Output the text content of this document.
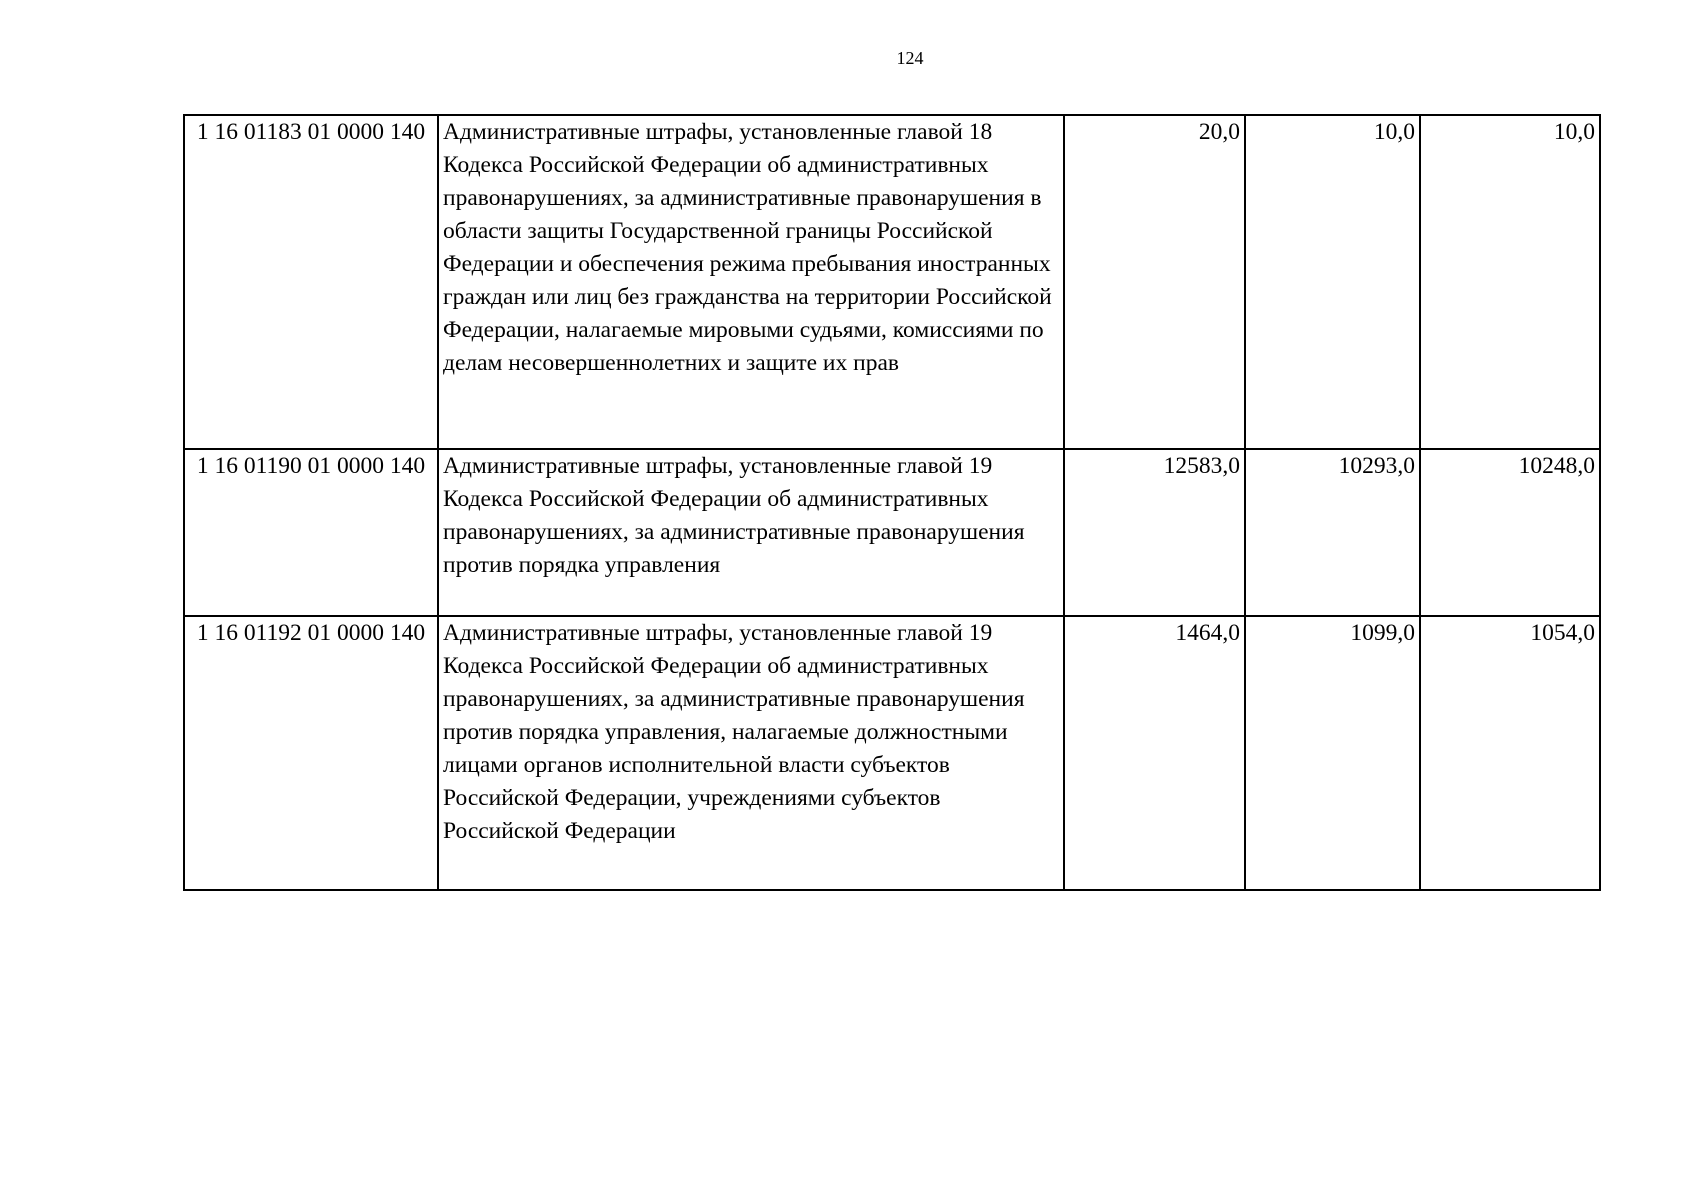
124
1 16 01183 01 0000 140	Административные штрафы, установленные главой 18 Кодекса Российской Федерации об административных правонарушениях, за административные правонарушения в области защиты Государственной границы Российской Федерации и обеспечения режима пребывания иностранных граждан или лиц без гражданства на территории Российской Федерации, налагаемые мировыми судьями, комиссиями по делам несовершеннолетних и защите их прав	20,0	10,0	10,0
1 16 01190 01 0000 140	Административные штрафы, установленные главой 19 Кодекса Российской Федерации об административных правонарушениях, за административные правонарушения против порядка управления	12583,0	10293,0	10248,0
1 16 01192 01 0000 140	Административные штрафы, установленные главой 19 Кодекса Российской Федерации об административных правонарушениях, за административные правонарушения против порядка управления, налагаемые должностными лицами органов исполнительной власти субъектов Российской Федерации, учреждениями субъектов Российской Федерации	1464,0	1099,0	1054,0
